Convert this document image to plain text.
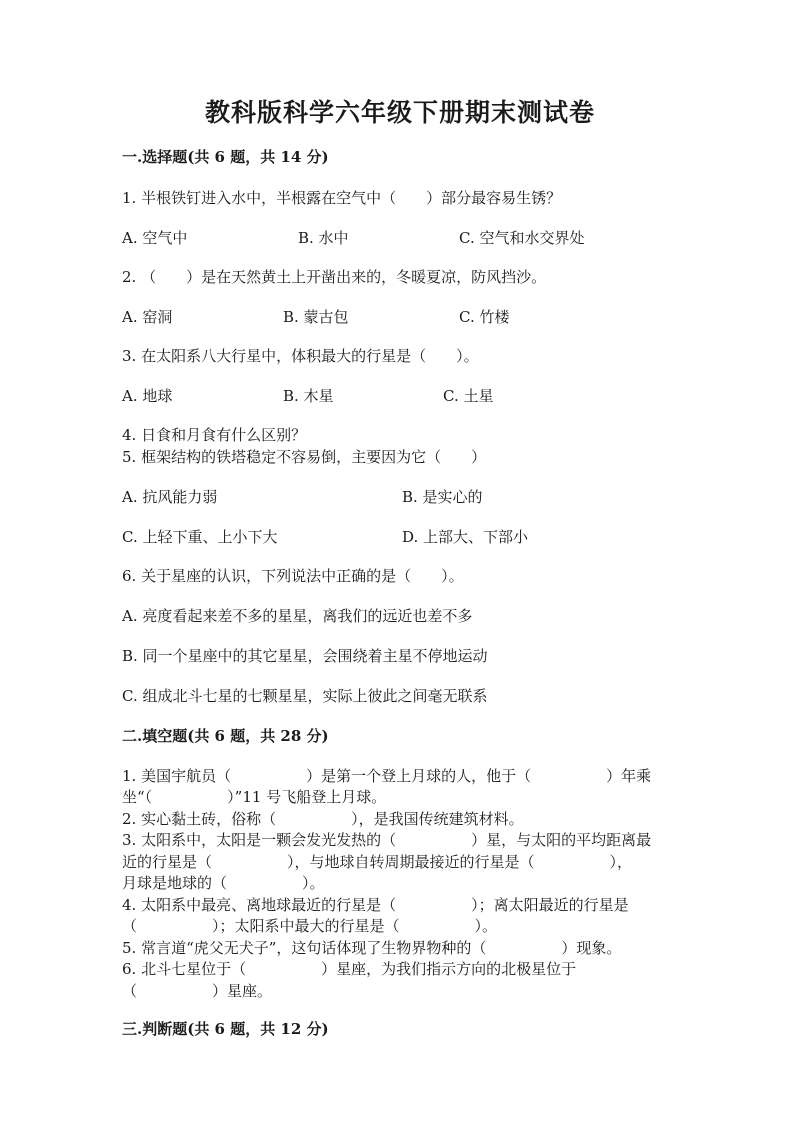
教科版科学六年级下册期末测试卷
一.选择题(共 6 题，共 14 分)
1. 半根铁钉进入水中，半根露在空气中（　　）部分最容易生锈？
A. 空气中	B. 水中	C. 空气和水交界处
2. （　　）是在天然黄土上开凿出来的，冬暖夏凉，防风挡沙。
A. 窑洞	B. 蒙古包	C. 竹楼
3. 在太阳系八大行星中，体积最大的行星是（　　）。
A. 地球	B. 木星	C. 土星
4. 日食和月食有什么区别？
5. 框架结构的铁塔稳定不容易倒，主要因为它（　　）
A. 抗风能力弱	B. 是实心的
C. 上轻下重、上小下大	D. 上部大、下部小
6. 关于星座的认识，下列说法中正确的是（　　）。
A. 亮度看起来差不多的星星，离我们的远近也差不多
B. 同一个星座中的其它星星，会围绕着主星不停地运动
C. 组成北斗七星的七颗星星，实际上彼此之间毫无联系
二.填空题(共 6 题，共 28 分)
1. 美国宇航员（　　　　　）是第一个登上月球的人，他于（　　　　　）年乘
坐“（　　　　　）”11 号飞船登上月球。
2. 实心黏土砖，俗称（　　　　　），是我国传统建筑材料。
3. 太阳系中，太阳是一颗会发光发热的（　　　　　）星，与太阳的平均距离最
近的行星是（　　　　　），与地球自转周期最接近的行星是（　　　　　），
月球是地球的（　　　　　）。
4. 太阳系中最亮、离地球最近的行星是（　　　　　）；离太阳最近的行星是
（　　　　　）；太阳系中最大的行星是（　　　　　）。
5. 常言道“虎父无犬子”，这句话体现了生物界物种的（　　　　　）现象。
6. 北斗七星位于（　　　　　）星座，为我们指示方向的北极星位于
（　　　　　）星座。
三.判断题(共 6 题，共 12 分)
